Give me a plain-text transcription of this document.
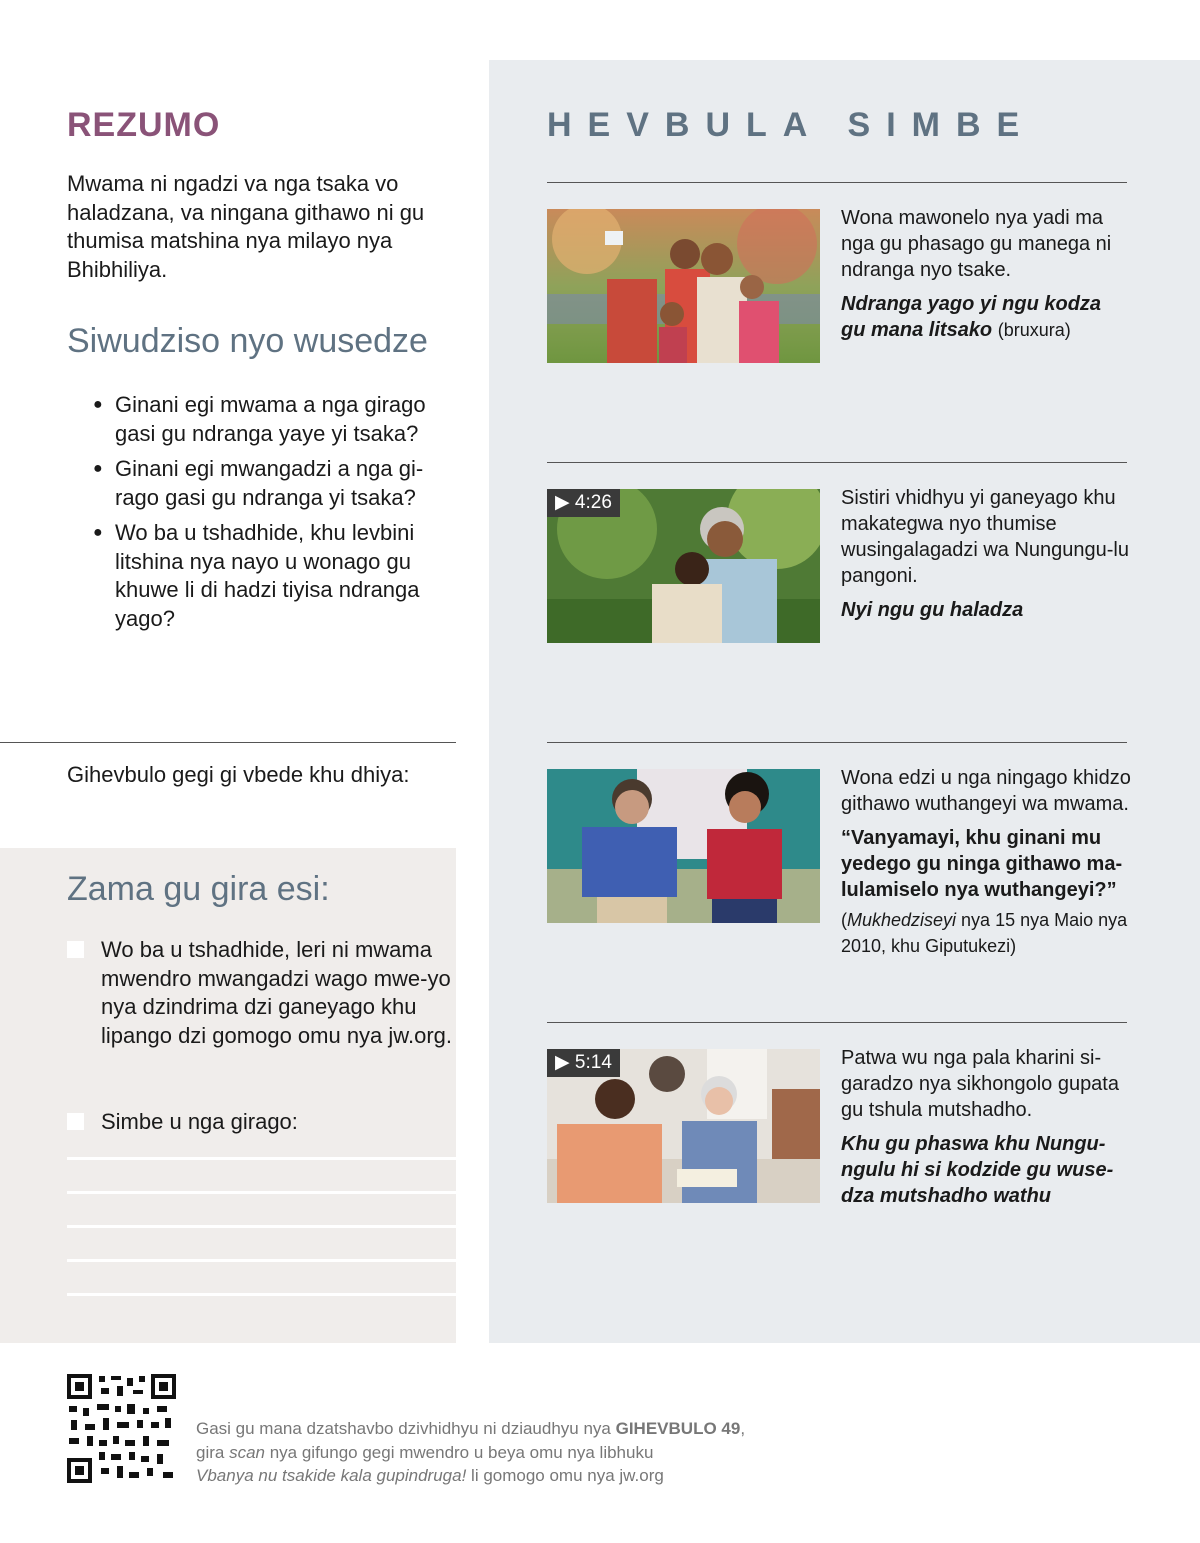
REZUMO

Mwama ni ngadzi va nga tsaka vo haladzana, va ningana githawo ni gu thumisa matshina nya milayo nya Bhibhiliya.

Siwudziso nyo wusedze
● Ginani egi mwama a nga girago gasi gu ndranga yaye yi tsaka?
● Ginani egi mwangadzi a nga gi-rago gasi gu ndranga yi tsaka?
● Wo ba u tshadhide, khu levbini litshina nya nayo u wonago gu khuwe li di hadzi tiyisa ndranga yago?

Gihevbulo gegi gi vbede khu dhiya:

Zama gu gira esi:
Wo ba u tshadhide, leri ni mwama mwendro mwangadzi wago mwe-yo nya dzindrima dzi ganeyago khu lipango dzi gomogo omu nya jw.org.
Simbe u nga girago:
HEVBULA SIMBE

Wona mawonelo nya yadi ma nga gu phasago gu manega ni ndranga nyo tsake.

Ndranga yago yi ngu kodza gu mana litsako (bruxura)

▶ 4:26	Sistiri vhidhyu yi ganeyago khu makategwa nyo thumise wusingalagadzi wa Nungungu-lu pangoni.

Nyi ngu gu haladza

Wona edzi u nga ningago khidzo githawo wuthangeyi wa mwama.

“Vanyamayi, khu ginani mu yedego gu ninga githawo ma-lulamiselo nya wuthangeyi?”

(Mukhedziseyi nya 15 nya Maio nya 2010, khu Giputukezi)

▶ 5:14	Patwa wu nga pala kharini si-garadzo nya sikhongolo gupata gu tshula mutshadho.

Khu gu phaswa khu Nungu-ngulu hi si kodzide gu wuse-dza mutshadho wathu

Gasi gu mana dzatshavbo dzivhidhyu ni dziaudhyu nya GIHEVBULO 49,
gira scan nya gifungo gegi mwendro u beya omu nya libhuku
Vbanya nu tsakide kala gupindruga! li gomogo omu nya jw.org
